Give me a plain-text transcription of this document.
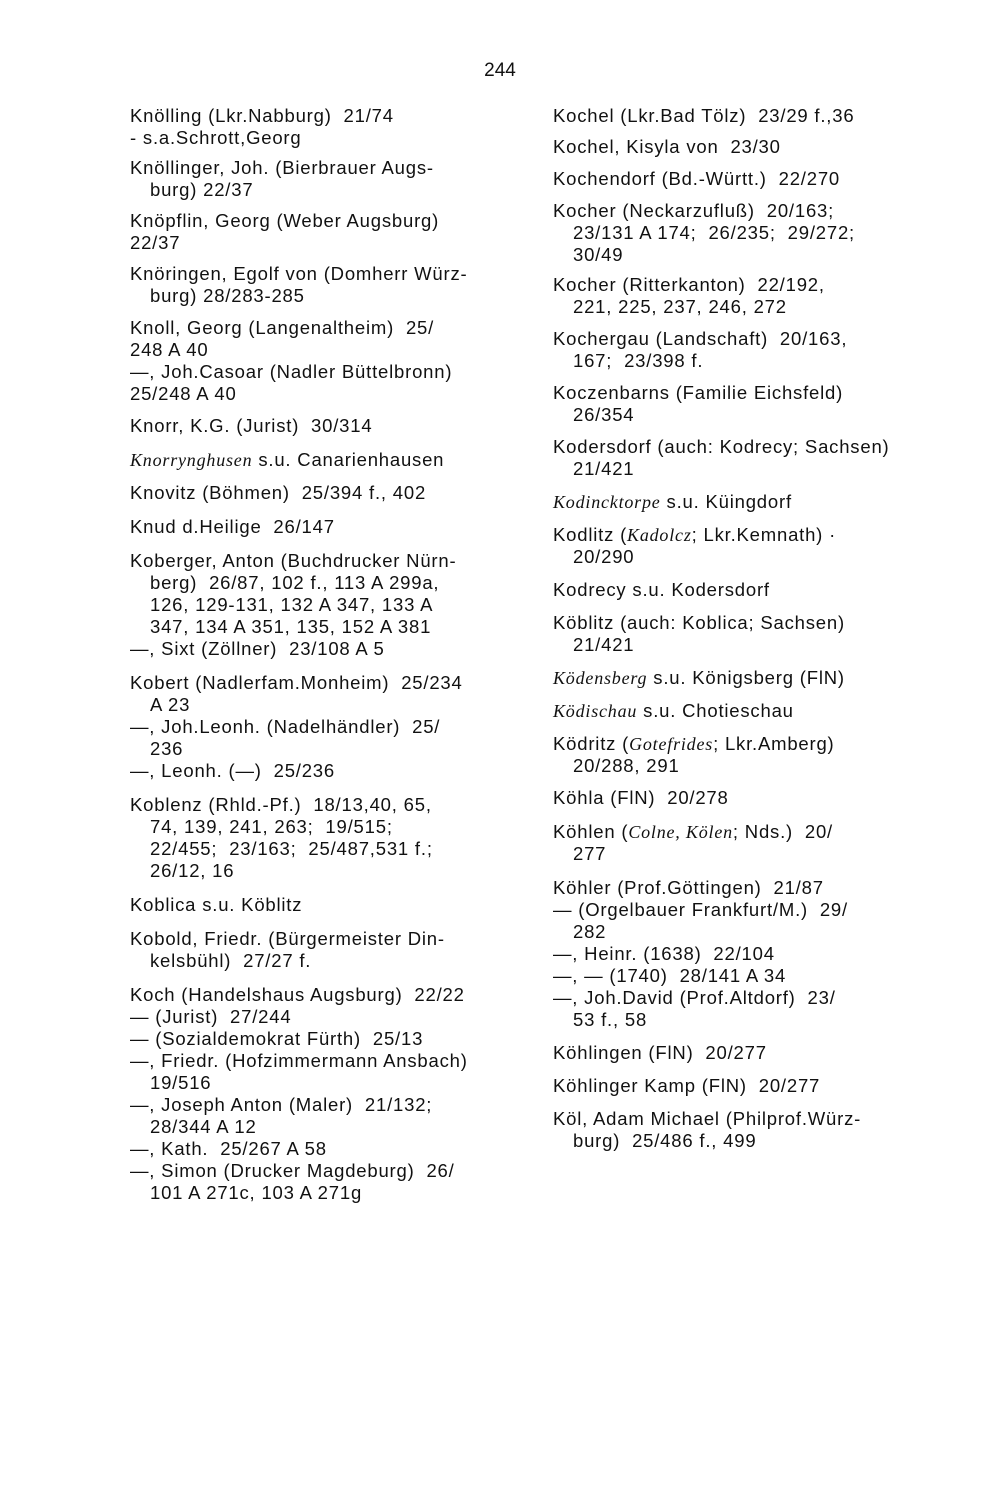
244
Knölling (Lkr.Nabburg)  21/74
- s.a.Schrott,Georg
Knöllinger, Joh. (Bierbrauer Augs-
burg) 22/37
Knöpflin, Georg (Weber Augsburg)
22/37
Knöringen, Egolf von (Domherr Würz-
burg) 28/283-285
Knoll, Georg (Langenaltheim)  25/
248 A 40
—, Joh.Casoar (Nadler Büttelbronn)
25/248 A 40
Knorr, K.G. (Jurist)  30/314
Knorrynghusen s.u. Canarienhausen
Knovitz (Böhmen)  25/394 f., 402
Knud d.Heilige  26/147
Koberger, Anton (Buchdrucker Nürn-
berg)  26/87, 102 f., 113 A 299a,
126, 129-131, 132 A 347, 133 A
347, 134 A 351, 135, 152 A 381
—, Sixt (Zöllner)  23/108 A 5
Kobert (Nadlerfam.Monheim)  25/234
A 23
—, Joh.Leonh. (Nadelhändler)  25/
236
—, Leonh. (—)  25/236
Koblenz (Rhld.-Pf.)  18/13,40, 65,
74, 139, 241, 263;  19/515;
22/455;  23/163;  25/487,531 f.;
26/12, 16
Koblica s.u. Köblitz
Kobold, Friedr. (Bürgermeister Din-
kelsbühl)  27/27 f.
Koch (Handelshaus Augsburg)  22/22
— (Jurist)  27/244
— (Sozialdemokrat Fürth)  25/13
—, Friedr. (Hofzimmermann Ansbach)
19/516
—, Joseph Anton (Maler)  21/132;
28/344 A 12
—, Kath.  25/267 A 58
—, Simon (Drucker Magdeburg)  26/
101 A 271c, 103 A 271g
Kochel (Lkr.Bad Tölz)  23/29 f.,36
Kochel, Kisyla von  23/30
Kochendorf (Bd.-Württ.)  22/270
Kocher (Neckarzufluß)  20/163;
23/131 A 174;  26/235;  29/272;
30/49
Kocher (Ritterkanton)  22/192,
221, 225, 237, 246, 272
Kochergau (Landschaft)  20/163,
167;  23/398 f.
Koczenbarns (Familie Eichsfeld)
26/354
Kodersdorf (auch: Kodrecy; Sachsen)
21/421
Kodincktorpe s.u. Küingdorf
Kodlitz (Kadolcz; Lkr.Kemnath) ·
20/290
Kodrecy s.u. Kodersdorf
Köblitz (auch: Koblica; Sachsen)
21/421
Ködensberg s.u. Königsberg (FlN)
Ködischau s.u. Chotieschau
Ködritz (Gotefrides; Lkr.Amberg)
20/288, 291
Köhla (FlN)  20/278
Köhlen (Colne, Kölen; Nds.)  20/
277
Köhler (Prof.Göttingen)  21/87
— (Orgelbauer Frankfurt/M.)  29/
282
—, Heinr. (1638)  22/104
—, — (1740)  28/141 A 34
—, Joh.David (Prof.Altdorf)  23/
53 f., 58
Köhlingen (FlN)  20/277
Köhlinger Kamp (FlN)  20/277
Köl, Adam Michael (Philprof.Würz-
burg)  25/486 f., 499
